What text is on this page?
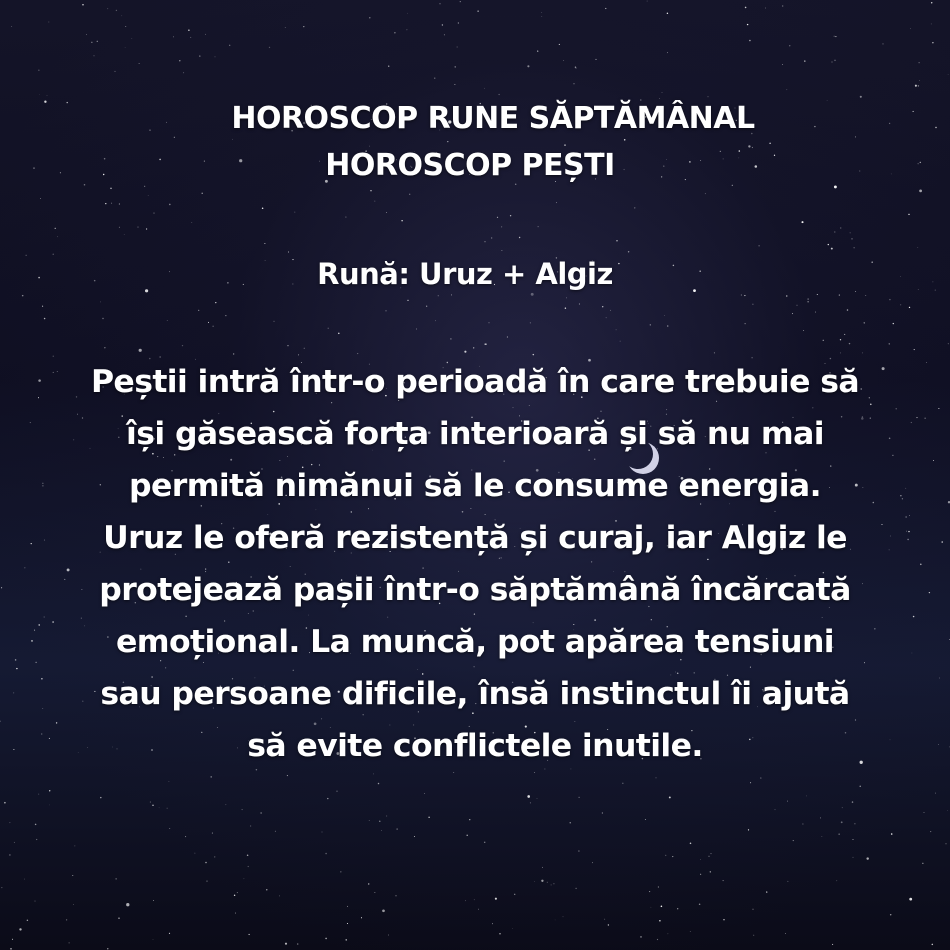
HOROSCOP RUNE SĂPTĂMÂNAL
HOROSCOP PEȘTI
Rună: Uruz + Algiz
Peștii intră într-o perioadă în care trebuie să
își găsească forța interioară și să nu mai
permită nimănui să le consume energia.
Uruz le oferă rezistență și curaj, iar Algiz le
protejează pașii într-o săptămână încărcată
emoțional. La muncă, pot apărea tensiuni
sau persoane dificile, însă instinctul îi ajută
să evite conflictele inutile.
